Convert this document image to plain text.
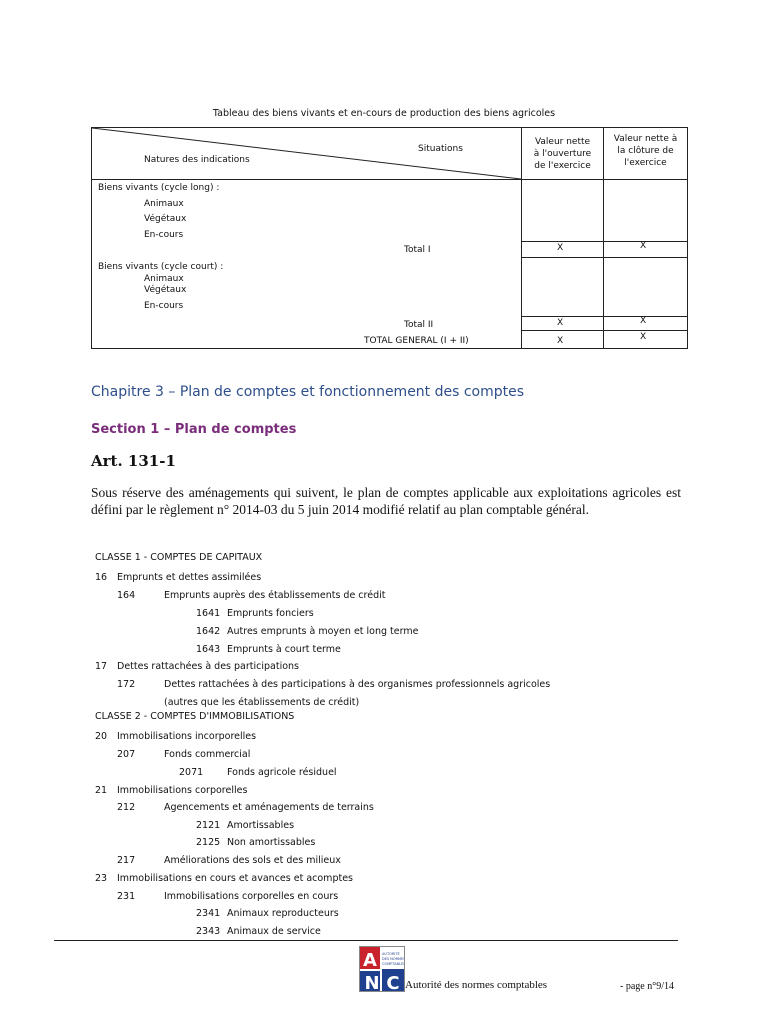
Tableau des biens vivants et en-cours de production des biens agricoles
Situations
Natures des indications
Valeur nette
à l'ouverture
de l'exercice
Valeur nette à
la clôture de
l'exercice
Biens vivants (cycle long) :
Animaux
Végétaux
En-cours
Total I	X	X
Biens vivants (cycle court) :
Animaux
Végétaux
En-cours
Total II	X	X
TOTAL GENERAL (I + II)	X	X
Chapitre 3 – Plan de comptes et fonctionnement des comptes
Section 1 – Plan de comptes
Art. 131-1
Sous réserve des aménagements qui suivent, le plan de comptes applicable aux exploitations agricoles est défini par le règlement n° 2014-03 du 5 juin 2014 modifié relatif au plan comptable général.
CLASSE 1 - COMPTES DE CAPITAUX
16 Emprunts et dettes assimilées
164	Emprunts auprès des établissements de crédit
1641 Emprunts fonciers
1642 Autres emprunts à moyen et long terme
1643 Emprunts à court terme
17 Dettes rattachées à des participations
172	Dettes rattachées à des participations à des organismes professionnels agricoles
(autres que les établissements de crédit)
CLASSE 2 - COMPTES D'IMMOBILISATIONS
20 Immobilisations incorporelles
207	Fonds commercial
2071	Fonds agricole résiduel
21 Immobilisations corporelles
212	Agencements et aménagements de terrains
2121 Amortissables
2125 Non amortissables
217	Améliorations des sols et des milieux
23 Immobilisations en cours et avances et acomptes
231	Immobilisations corporelles en cours
2341 Animaux reproducteurs
2343 Animaux de service
A
N C
AUTORITÉ
DES NORMES
COMPTABLES
Autorité des normes comptables	- page n°9/14
